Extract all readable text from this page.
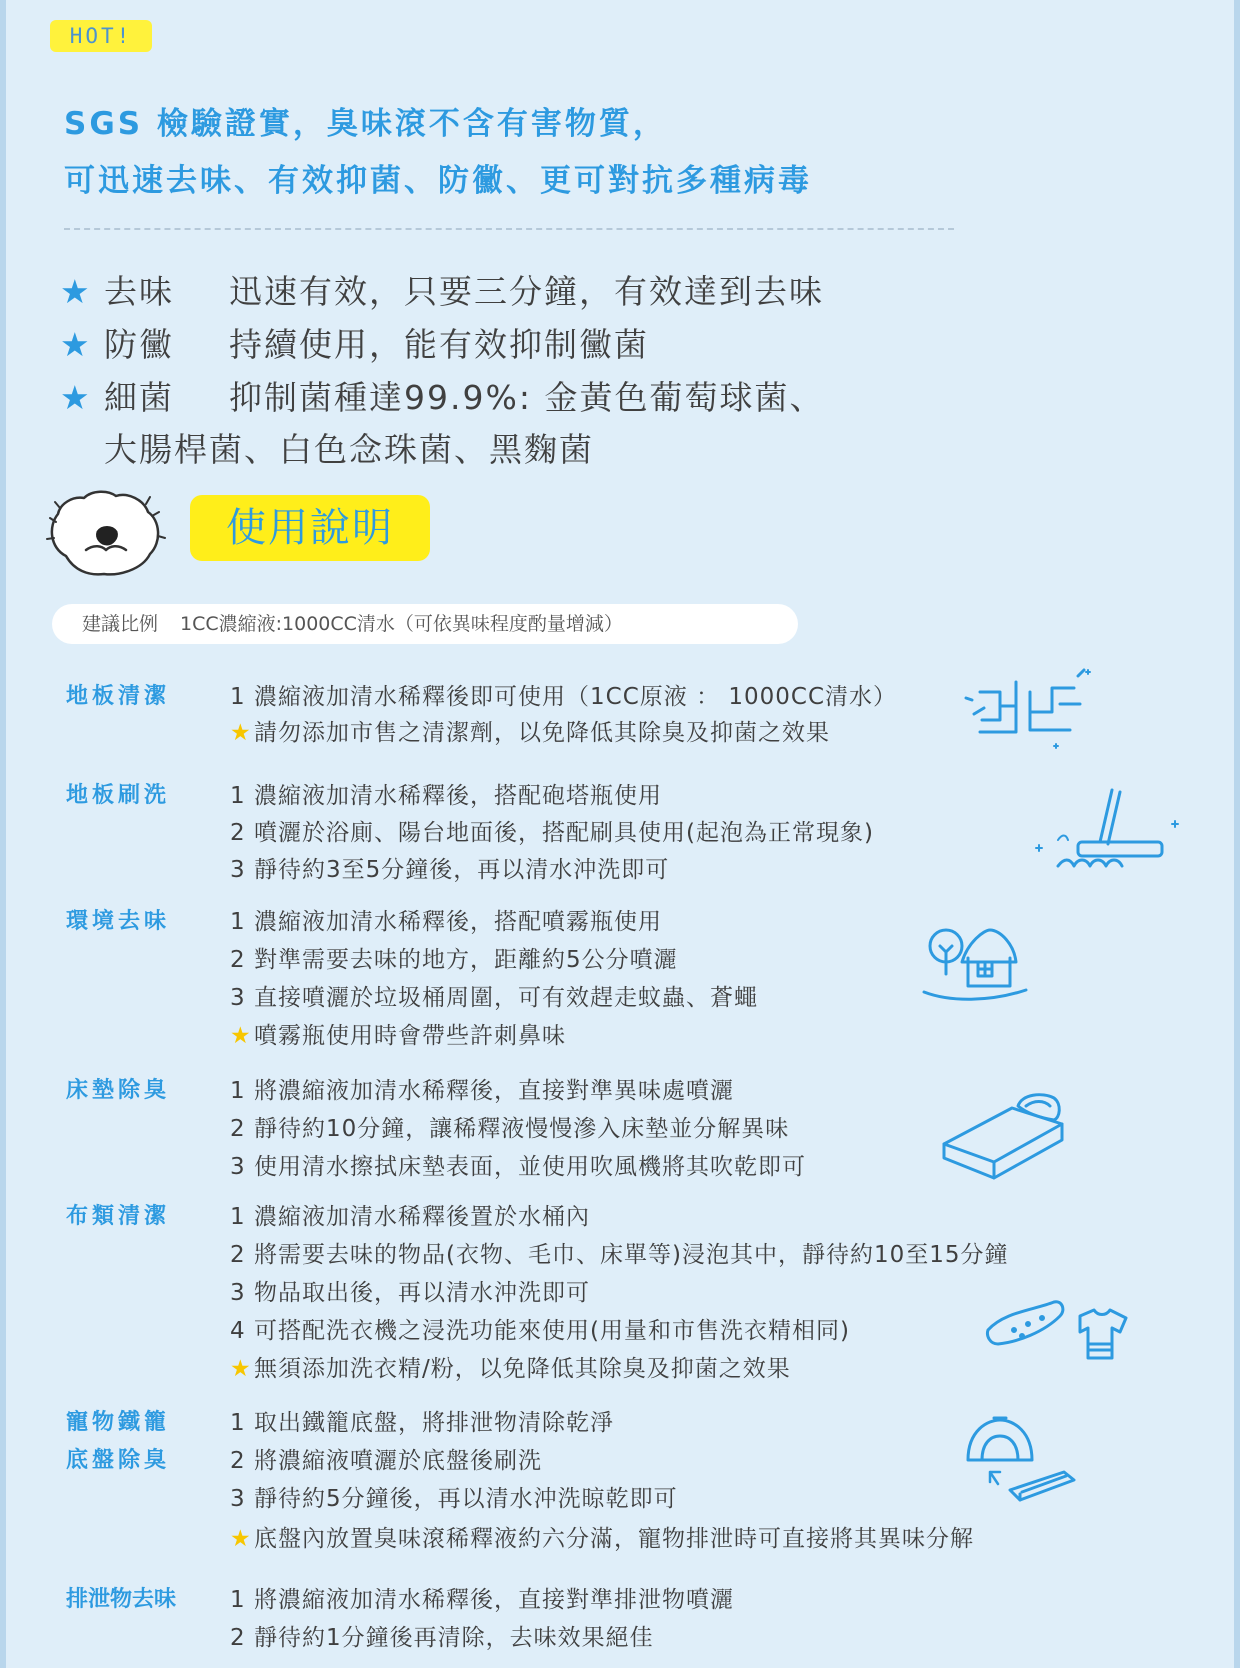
HOT!
SGS 檢驗證實，臭味滾不含有害物質，
可迅速去味、有效抑菌、防黴、更可對抗多種病毒
★ 去味 迅速有效，只要三分鐘，有效達到去味
★ 防黴 持續使用，能有效抑制黴菌
★ 細菌 抑制菌種達99.9%: 金黃色葡萄球菌、
大腸桿菌、白色念珠菌、黑麴菌
使用說明
建議比例 1CC濃縮液:1000CC清水（可依異味程度酌量增減）
地板清潔	1 濃縮液加清水稀釋後即可使用（1CC原液 ： 1000CC清水）
★ 請勿添加市售之清潔劑，以免降低其除臭及抑菌之效果
地板刷洗	1 濃縮液加清水稀釋後，搭配砲塔瓶使用
2 噴灑於浴廁、陽台地面後，搭配刷具使用(起泡為正常現象)
3 靜待約3至5分鐘後，再以清水沖洗即可
環境去味	1 濃縮液加清水稀釋後，搭配噴霧瓶使用
2 對準需要去味的地方，距離約5公分噴灑
3 直接噴灑於垃圾桶周圍，可有效趕走蚊蟲、蒼蠅
★ 噴霧瓶使用時會帶些許刺鼻味
床墊除臭	1 將濃縮液加清水稀釋後，直接對準異味處噴灑
2 靜待約10分鐘，讓稀釋液慢慢滲入床墊並分解異味
3 使用清水擦拭床墊表面，並使用吹風機將其吹乾即可
布類清潔	1 濃縮液加清水稀釋後置於水桶內
2 將需要去味的物品(衣物、毛巾、床單等)浸泡其中，靜待約10至15分鐘
3 物品取出後，再以清水沖洗即可
4 可搭配洗衣機之浸洗功能來使用(用量和市售洗衣精相同)
★ 無須添加洗衣精/粉，以免降低其除臭及抑菌之效果
寵物鐵籠
底盤除臭
1 取出鐵籠底盤，將排泄物清除乾淨
2 將濃縮液噴灑於底盤後刷洗
3 靜待約5分鐘後，再以清水沖洗晾乾即可
★ 底盤內放置臭味滾稀釋液約六分滿，寵物排泄時可直接將其異味分解
排泄物去味 1 將濃縮液加清水稀釋後，直接對準排泄物噴灑
2 靜待約1分鐘後再清除，去味效果絕佳
